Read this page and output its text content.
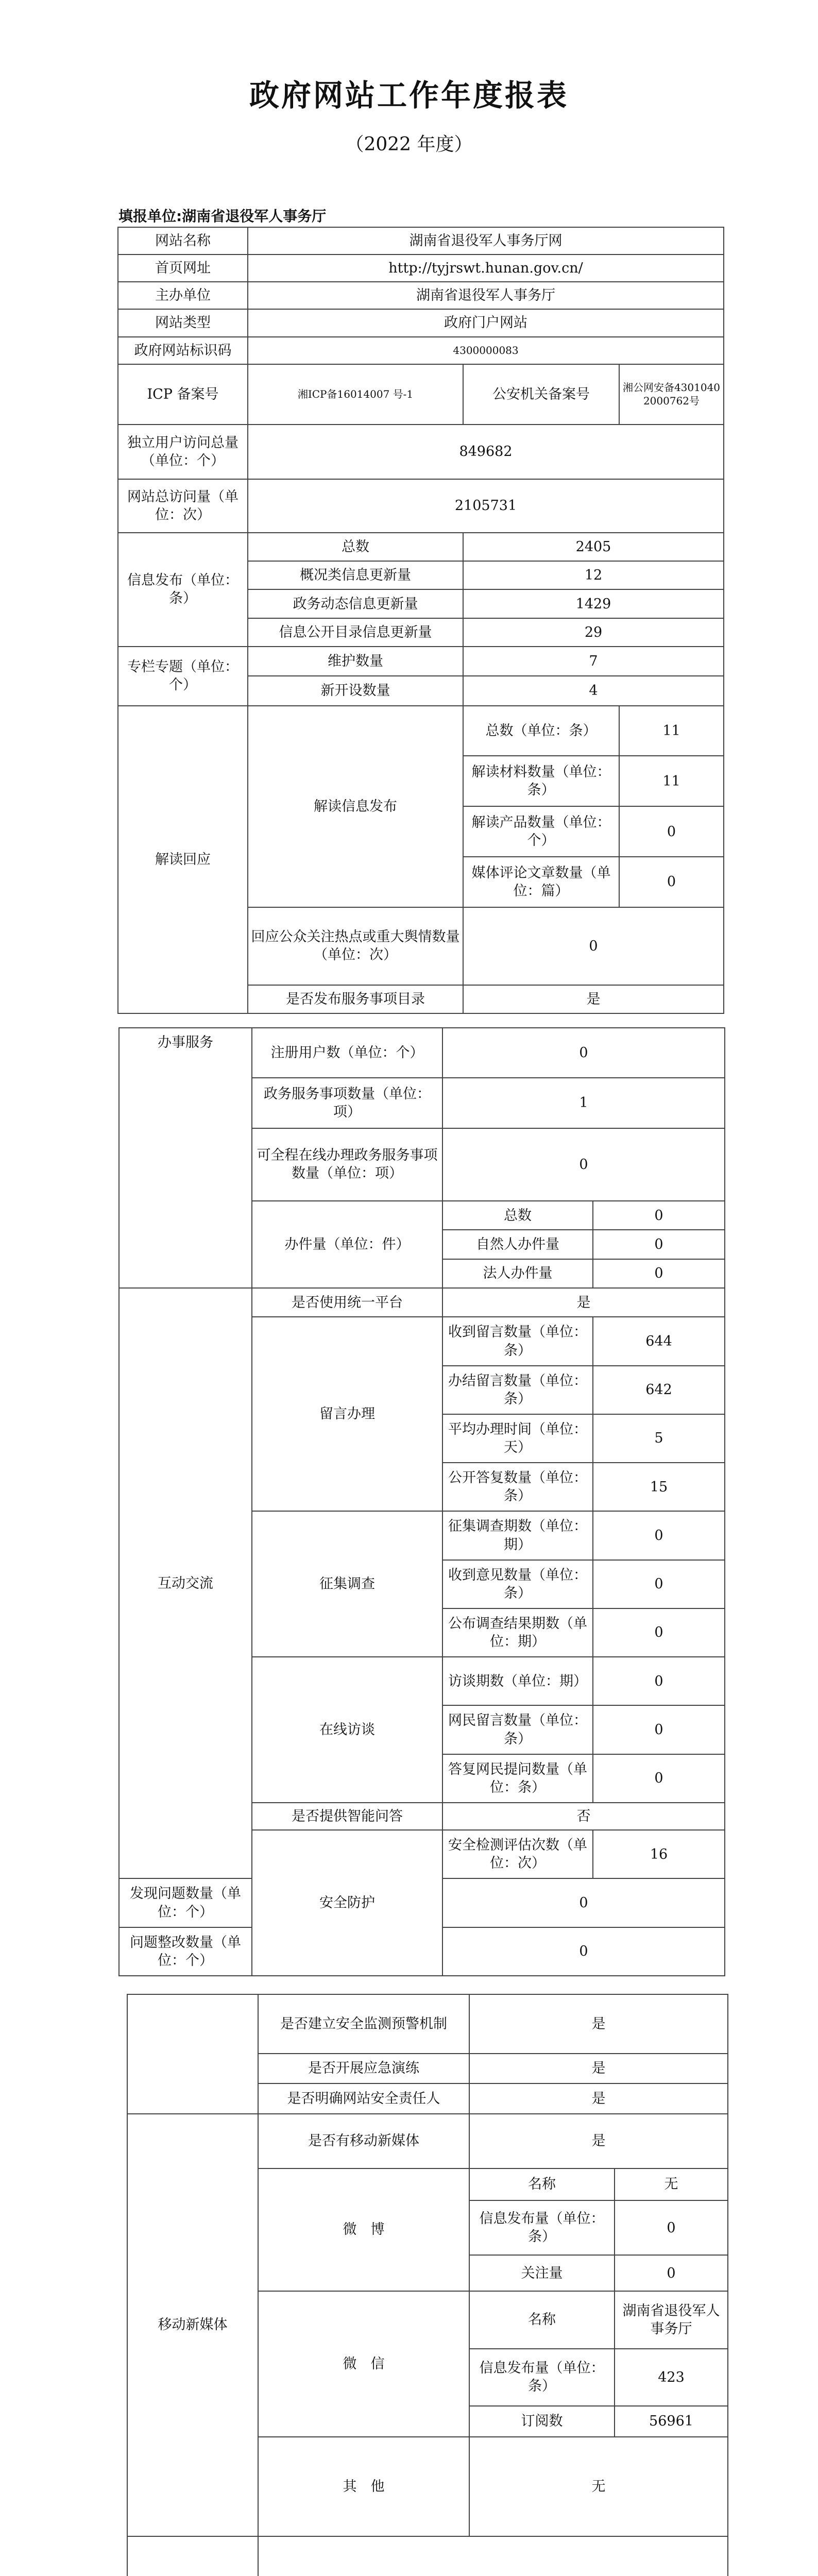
政府网站工作年度报表
（2022 年度）
填报单位:湖南省退役军人事务厅
网站名称	湖南省退役军人事务厅网		
首页网址	http://tyjrswt.hunan.gov.cn/		
主办单位	湖南省退役军人事务厅		
网站类型	政府门户网站		
政府网站标识码	4300000083		
ICP 备案号	湘ICP备16014007 号-1	公安机关备案号	湘公网安备43010402000762号
独立用户访问总量（单位：个）	849682		
网站总访问量（单位：次）	2105731		
信息发布（单位：条）	总数	2405	
	概况类信息更新量	12	
	政务动态信息更新量	1429	
	信息公开目录信息更新量	29	
专栏专题（单位：个）	维护数量	7	
	新开设数量	4	
解读回应	解读信息发布	总数（单位：条）	11
		解读材料数量（单位：条）	11
		解读产品数量（单位：个）	0
		媒体评论文章数量（单位：篇）	0
	回应公众关注热点或重大舆情数量（单位：次）	0	
	是否发布服务事项目录	是	
办事服务	注册用户数（单位：个）	0	
	政务服务事项数量（单位：项）	1	
	可全程在线办理政务服务事项数量（单位：项）	0	
	办件量（单位：件）	总数	0
		自然人办件量	0
		法人办件量	0
互动交流	是否使用统一平台	是	
	留言办理	收到留言数量（单位：条）	644
		办结留言数量（单位：条）	642
		平均办理时间（单位：天）	5
		公开答复数量（单位：条）	15
	征集调查	征集调查期数（单位：期）	0
		收到意见数量（单位：条）	0
		公布调查结果期数（单位：期）	0
	在线访谈	访谈期数（单位：期）	0
		网民留言数量（单位：条）	0
		答复网民提问数量（单位：条）	0
	是否提供智能问答	否	
	安全防护	安全检测评估次数（单位：次）	16
发现问题数量（单位：个）		0	
问题整改数量（单位：个）		0	
	是否建立安全监测预警机制	是	
	是否开展应急演练	是	
	是否明确网站安全责任人	是	
移动新媒体	是否有移动新媒体	是	
	微　博	名称	无
		信息发布量（单位：条）	0
		关注量	0
	微　信	名称	湖南省退役军人事务厅
		信息发布量（单位：条）	423
		订阅数	56961
	其　他	无	
